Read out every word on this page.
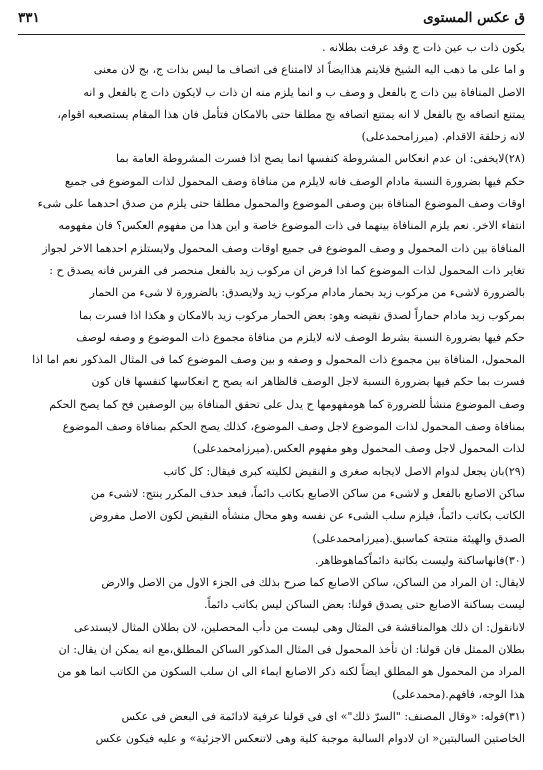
ق عكس المستوى
٣٣١

يكون ذات ب عين ذات ج وقد عرفت بطلانه .

و اما على ما ذهب اليه الشيخ فلايتم هذاايضاً اذ لاامتناع فى اتصاف ما ليس بذات ج، بج لان معنى

الاصل المنافاة بين ذات ج بالفعل و وصف ب و انما يلزم منه ان ذات ب لايكون ذات ج بالفعل و انه

يمتنع اتصافه بج بالفعل لا انه يمتنع اتصافه بج مطلقا حتى بالامكان فتأمل فان هذا المقام يستصعبه اقوام،

لانه زحلقة الاقدام. (ميرزامحمدعلى)

(٢٨)لايخفى: ان عدم انعكاس المشروطة كنفسها انما يصح اذا فسرت المشروطة العامة بما

حكم فيها بضرورة النسبة مادام الوصف فانه لايلزم من منافاة وصف المحمول لذات الموضوع فى جميع

اوقات وصف الموضوع المنافاة بين وصفى الموضوع والمحمول مطلقا حتى يلزم من صدق احدهما على شىء

انتفاء الاخر. نعم يلزم المنافاة بينهما فى ذات الموضوع خاصة و اين هذا من مفهوم العكس؟ فان مفهومه

المنافاة بين ذات المحمول و وصف الموضوع فى جميع اوقات وصف المحمول ولايستلزم احدهما الاخر لجواز

تغاير ذات المحمول لذات الموضوع كما اذا فرض ان مركوب زيد بالفعل منحصر فى الفرس فانه يصدق ح :

بالضرورة لاشىء من مركوب زيد بحمار مادام مركوب زيد ولايصدق: بالضرورة لا شىء من الحمار

بمركوب زيد مادام حماراً لصدق نقيضه وهو: بعض الحمار مركوب زيد بالامكان و هكذا اذا فسرت بما

حكم فيها بضرورة النسبة بشرط الوصف لانه لايلزم من منافاة مجموع ذات الموضوع و وصفه لوصف

المحمول، المنافاة بين مجموع ذات المحمول و وصفه و بين وصف الموضوع كما فى المثال المذكور نعم اما اذا

فسرت بما حكم فيها بضرورة النسبة لاجل الوصف فالظاهر انه يصح ح انعكاسها كنفسها فان كون

وصف الموضوع منشأ للضرورة كما هومفهومها ح يدل على تحقق المنافاة بين الوصفين فح كما يصح الحكم

بمنافاة وصف المحمول لذات الموضوع لاجل وصف الموضوع، كذلك يصح الحكم بمنافاة وصف الموضوع

لذات المحمول لاجل وصف المحمول وهو مفهوم العكس.(ميرزامحمدعلى)

(٢٩)بان يجعل لدوام الاصل لايجابه صغرى و النقيض لكليته كبرى فيقال: كل كاتب

ساكن الاصابع بالفعل و لاشىء من ساكن الاصابع بكاتب دائماً، فبعد حذف المكرر ينتج: لاشىء من

الكاتب بكاتب دائماً، فيلزم سلب الشىء عن نفسه وهو محال منشأه النقيض لكون الاصل مفروض

الصدق والهيئة منتجة كماسبق.(ميرزامحمدعلى)

(٣٠)فانهاساكنة وليست بكاتبة دائماًكماهوظاهر.

لايقال: ان المراد من الساكن، ساكن الاصابع كما صرح بذلك فى الجزء الاول من الاصل والارض

ليست بساكنة الاصابع حتى يصدق قولنا: بعض الساكن ليس بكاتب دائماً.

لانانقول: ان ذلك هوالمناقشة فى المثال وهى ليست من دأب المحصلين، لان بطلان المثال لايستدعى

بطلان الممثل فان قولنا: ان تأخذ المحمول فى المثال المذكور الساكن المطلق،مع انه يمكن ان يقال: ان

المراد من المحمول هو المطلق ايضاً لكنه ذكر الاصابع ايماء الى ان سلب السكون من الكاتب انما هو من

هذا الوجه، فافهم.(محمدعلى)

(٣١)قوله: «وقال المصنف: "السرّ ذلك"» اى فى قولنا عرفية لادائمة فى البعض فى عكس

الخاصتين السالبتين« ان لادوام السالبة موجبة كلية وهى لاتنعكس الاجزئية» و عليه فيكون عكس
